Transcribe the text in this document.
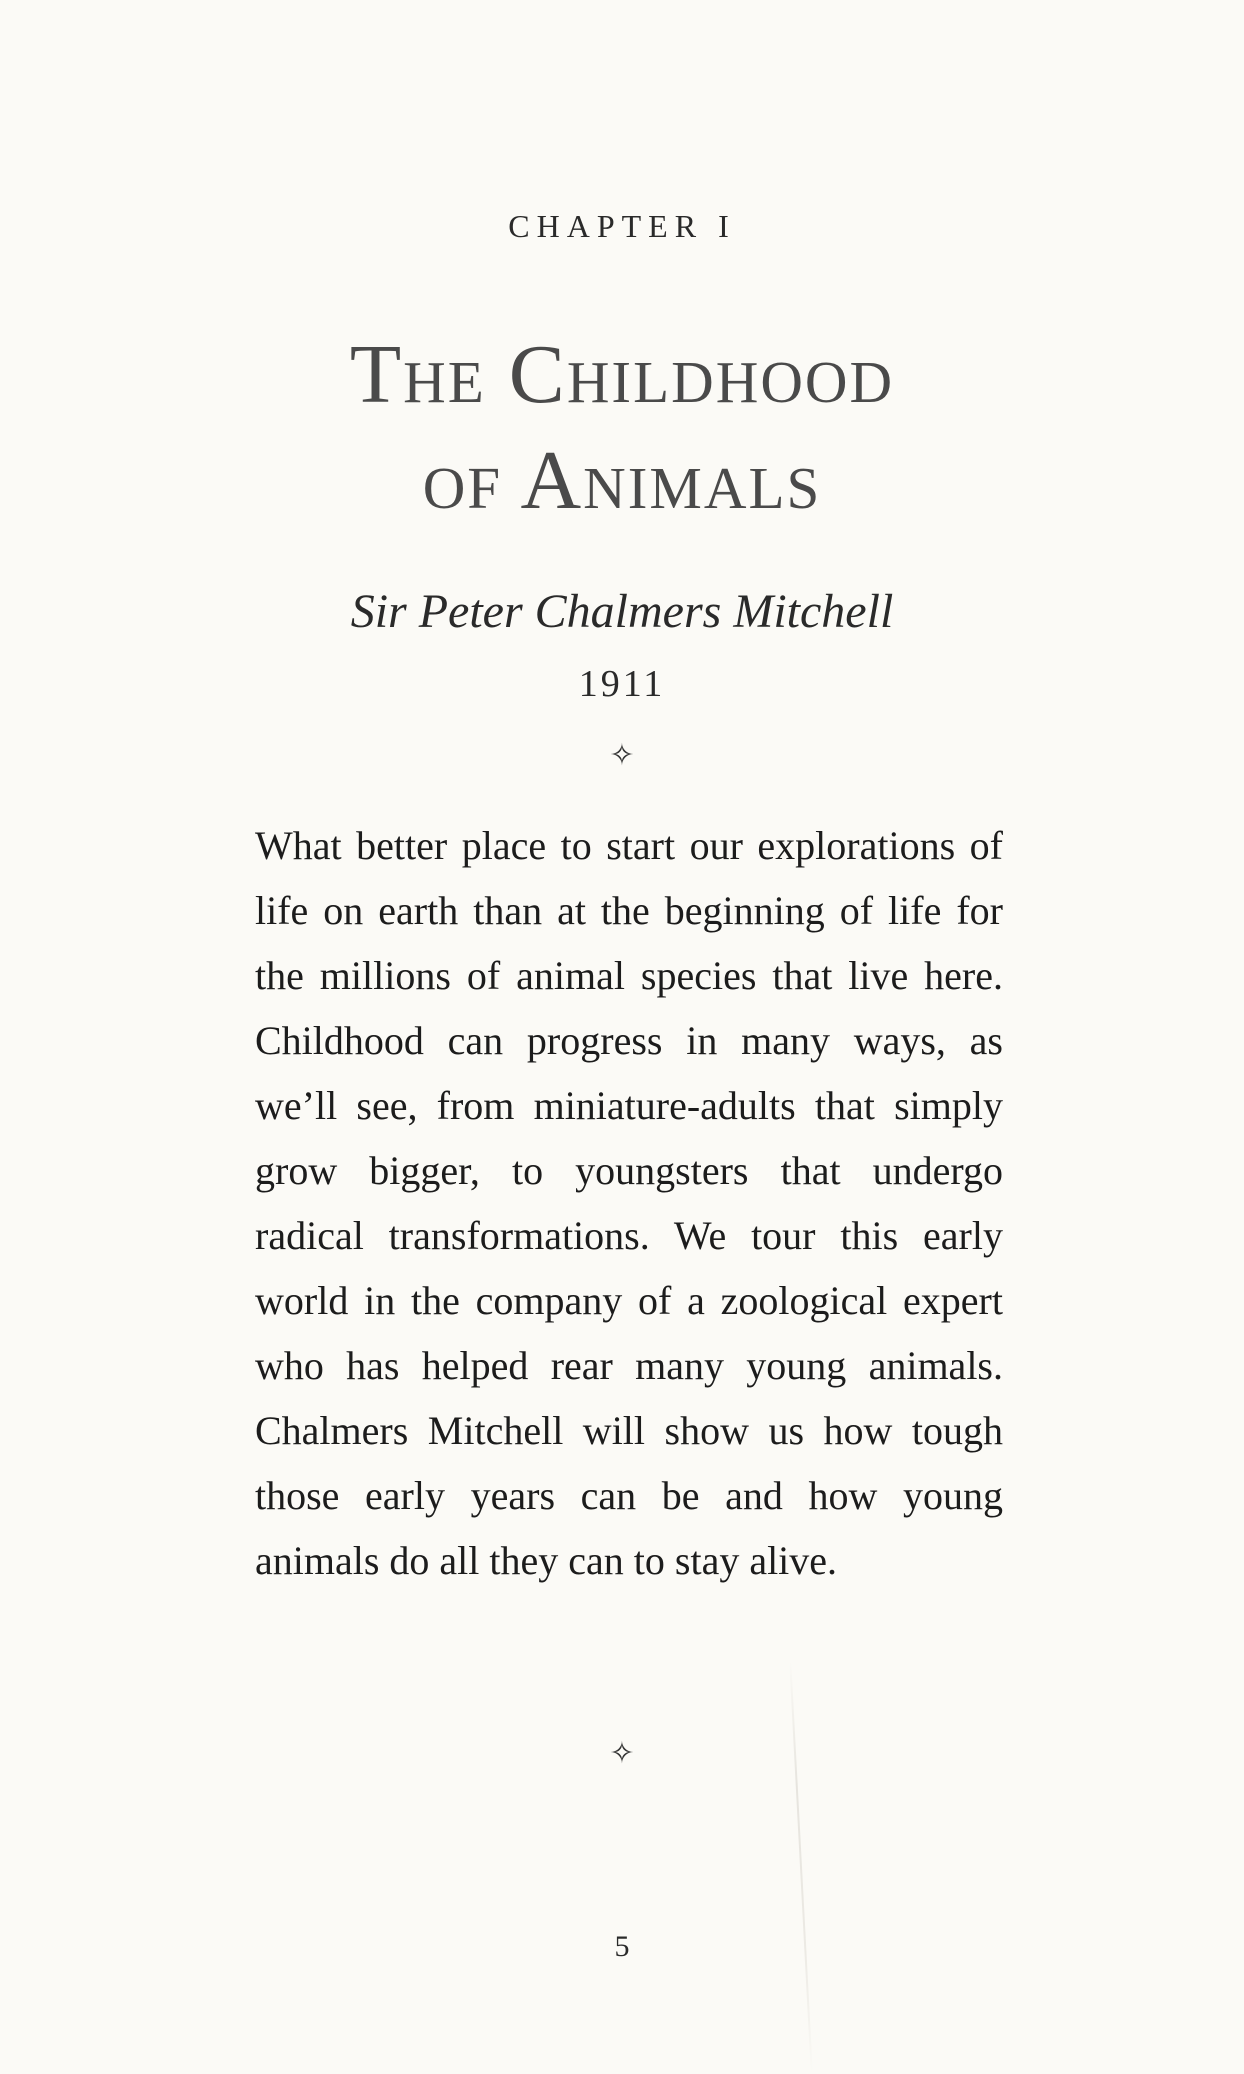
CHAPTER I
The Childhood
of Animals
Sir Peter Chalmers Mitchell
1911
✧

What better place to start our explorations of life on earth than at the beginning of life for the millions of animal species that live here. Childhood can progress in many ways, as we’ll see, from miniature-adults that simply grow bigger, to youngsters that undergo radical transformations. We tour this early world in the company of a zoological expert who has helped rear many young animals. Chalmers Mitchell will show us how tough those early years can be and how young animals do all they can to stay alive.

✧
5
